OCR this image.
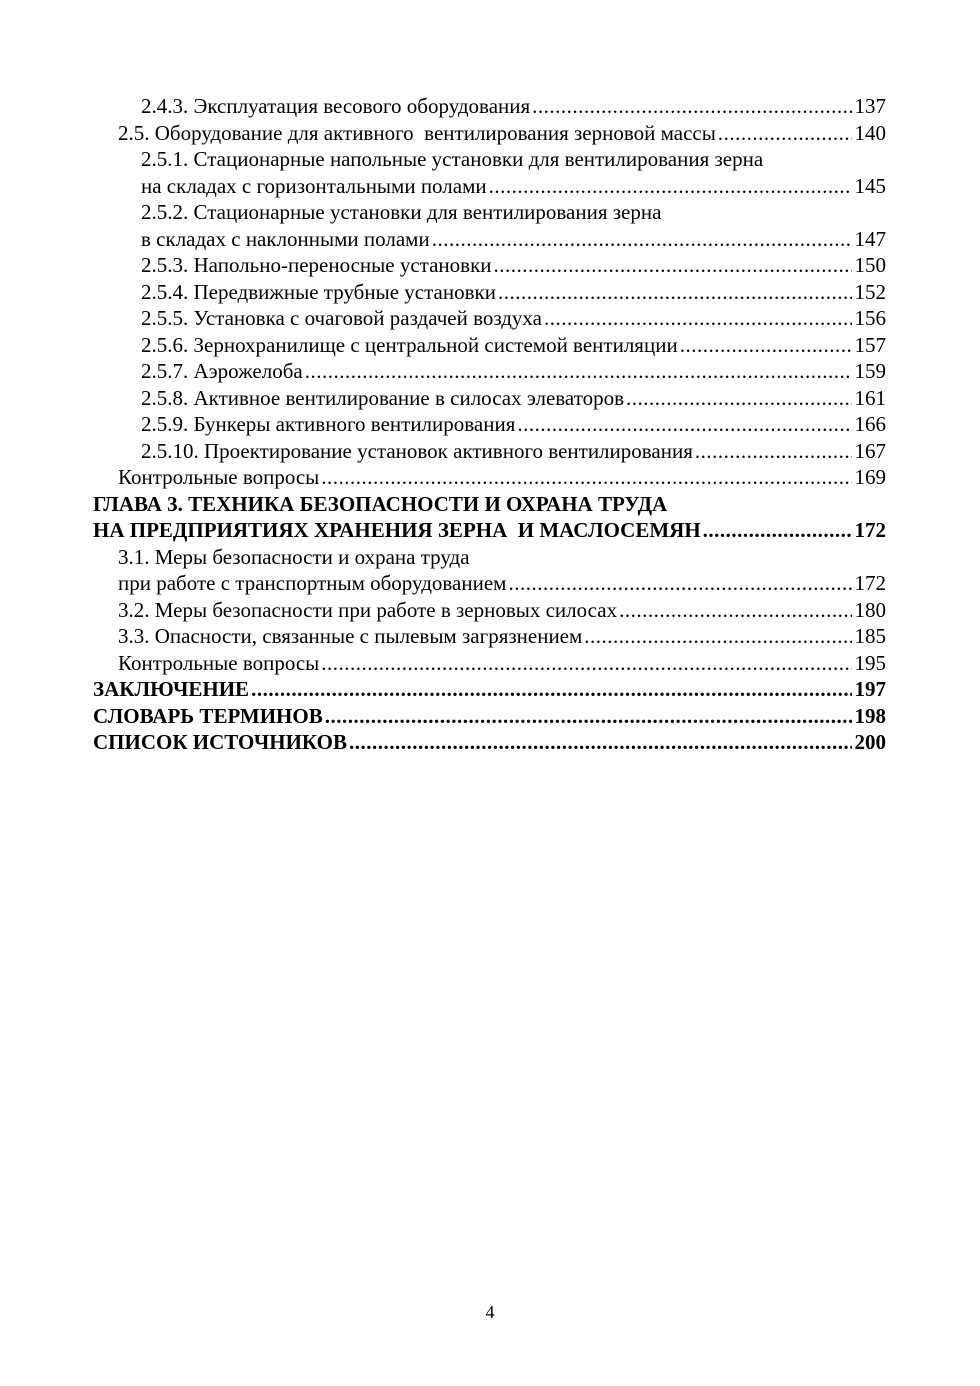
2.4.3. Эксплуатация весового оборудования .....	137
2.5. Оборудование для активного  вентилирования зерновой массы .....	140
2.5.1. Стационарные напольные установки для вентилирования зерна
на складах с горизонтальными полами .....	145
2.5.2. Стационарные установки для вентилирования зерна
в складах с наклонными полами .....	147
2.5.3. Напольно-переносные установки .....	150
2.5.4. Передвижные трубные установки .....	152
2.5.5. Установка с очаговой раздачей воздуха .....	156
2.5.6. Зернохранилище с центральной системой вентиляции .....	157
2.5.7. Аэрожелоба .....	159
2.5.8. Активное вентилирование в силосах элеваторов .....	161
2.5.9. Бункеры активного вентилирования .....	166
2.5.10. Проектирование установок активного вентилирования .....	167
Контрольные вопросы .....	169
ГЛАВА 3. ТЕХНИКА БЕЗОПАСНОСТИ И ОХРАНА ТРУДА
НА ПРЕДПРИЯТИЯХ ХРАНЕНИЯ ЗЕРНА  И МАСЛОСЕМЯН .....	172
3.1. Меры безопасности и охрана труда
при работе с транспортным оборудованием .....	172
3.2. Меры безопасности при работе в зерновых силосах .....	180
3.3. Опасности, связанные с пылевым загрязнением .....	185
Контрольные вопросы .....	195
ЗАКЛЮЧЕНИЕ .....	197
СЛОВАРЬ ТЕРМИНОВ .....	198
СПИСОК ИСТОЧНИКОВ .....	200
4
